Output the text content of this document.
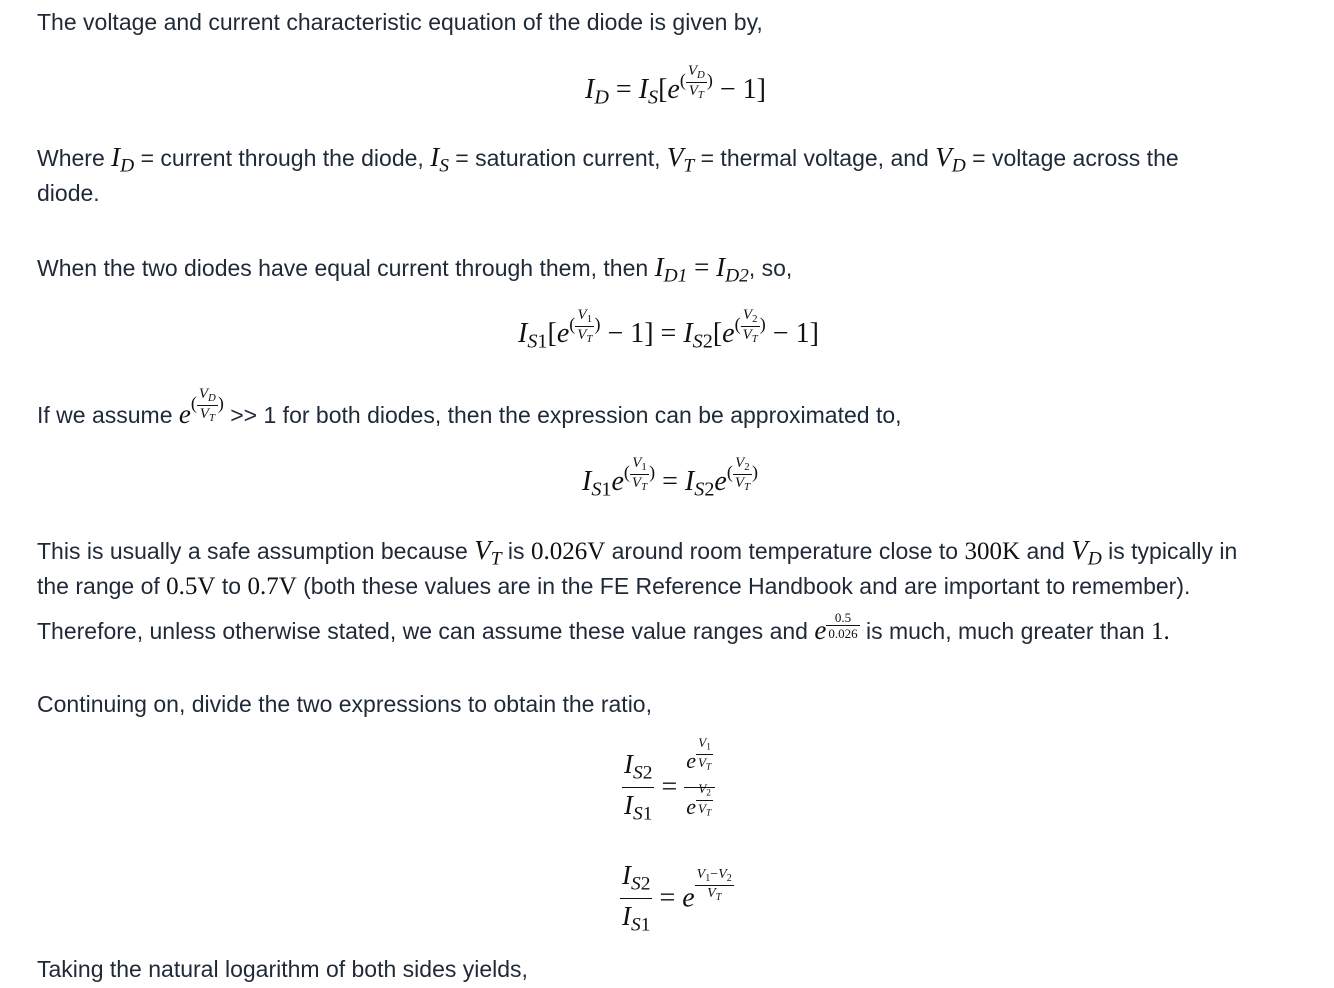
The voltage and current characteristic equation of the diode is given by,

$I_D = I_S[e^{( \frac{V_D}{V_T} )} - 1]$

Where $I_D$ = current through the diode, $I_S$ = saturation current, $V_T$ = thermal voltage, and $V_D$ = voltage across the

diode.

When the two diodes have equal current through them, then $I_{D1} = I_{D2}$, so,

$I_{S1}[e^{( \frac{V_1}{V_T} )} - 1] = I_{S2}[e^{( \frac{V_2}{V_T} )} - 1]$

If we assume $e^{( \frac{V_D}{V_T} )} >> 1$ for both diodes, then the expression can be approximated to,

$I_{S1}e^{( \frac{V_1}{V_T} )} = I_{S2}e^{( \frac{V_2}{V_T} )}$

This is usually a safe assumption because $V_T$ is 0.026V around room temperature close to 300K and $V_D$ is typically in

the range of 0.5V to 0.7V (both these values are in the FE Reference Handbook and are important to remember).

Therefore, unless otherwise stated, we can assume these value ranges and e $^{\frac{0.5}{0.026}}$ is much, much greater than 1.

Continuing on, divide the two expressions to obtain the ratio,

$\frac{I_{S2}}{I_{S1}} = e$ $^{\frac{V_1}{V_T}}$
e $^{\frac{V_2}{V_T}}$
$\frac{I_{S2}}{I_{S1}} = e$ $^{\frac{V_1-V_2}{V_T}}$

Taking the natural logarithm of both sides yields,
